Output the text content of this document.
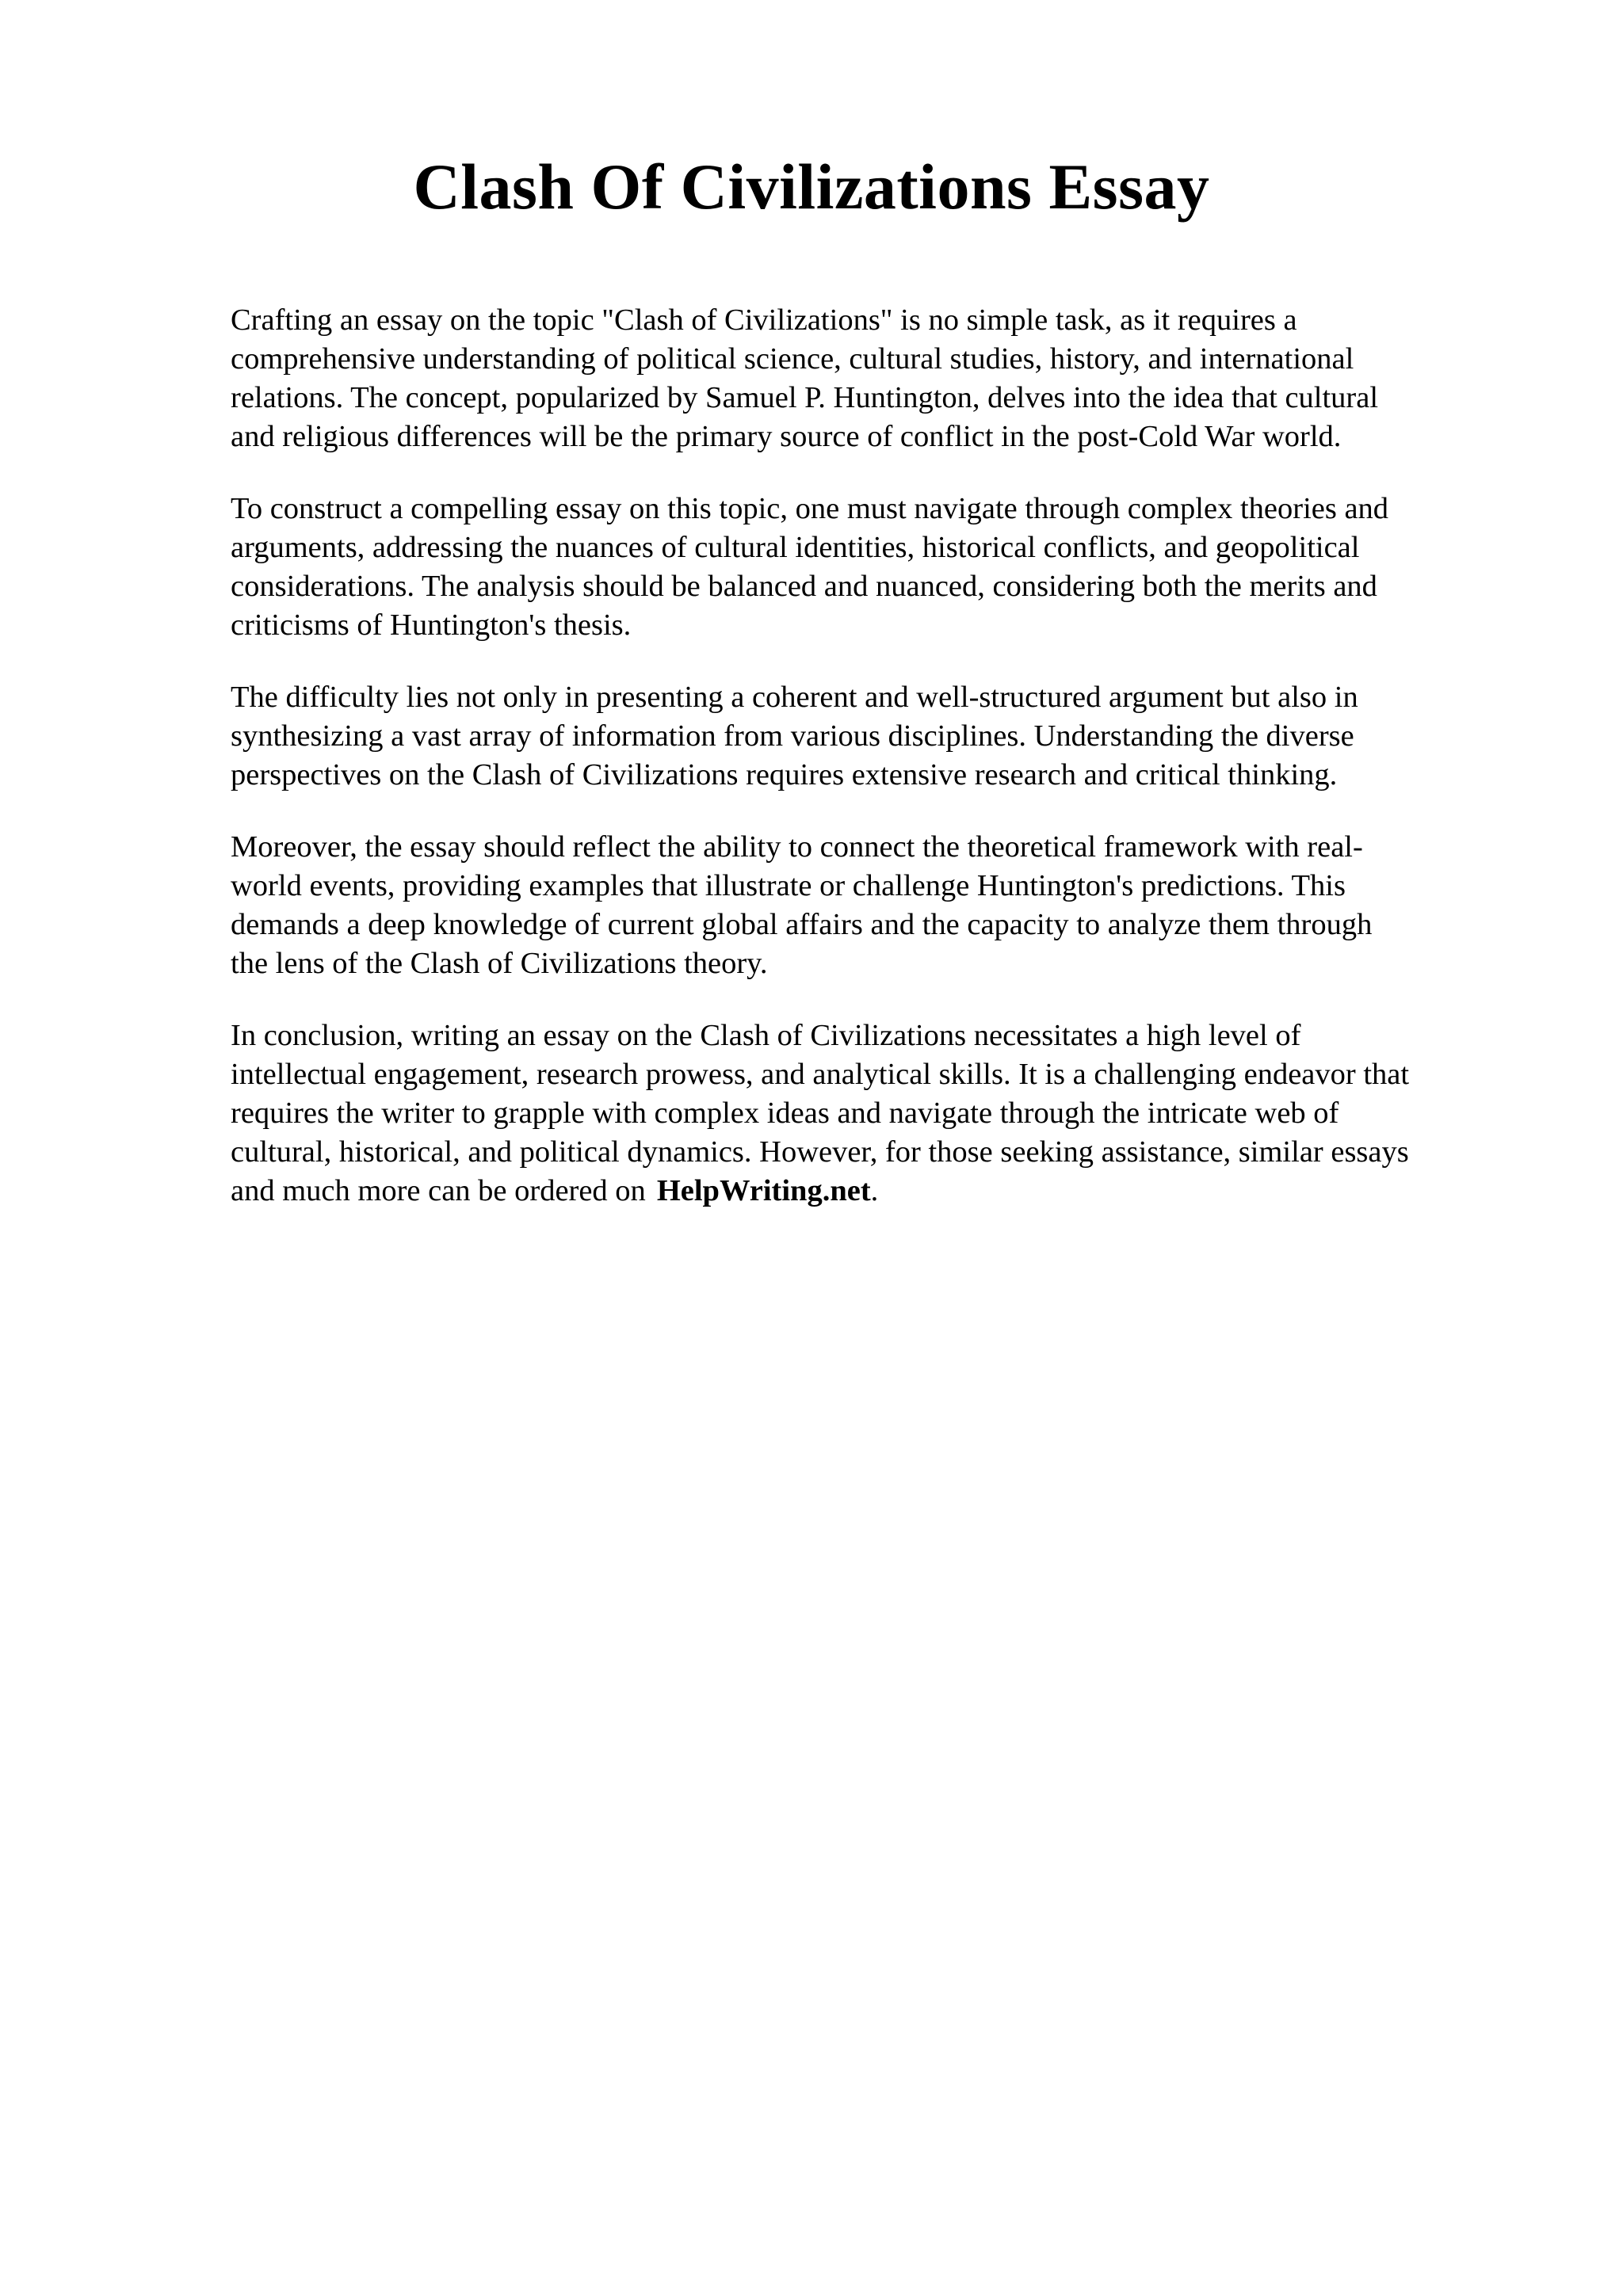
Clash Of Civilizations Essay

Crafting an essay on the topic "Clash of Civilizations" is no simple task, as it requires a
comprehensive understanding of political science, cultural studies, history, and international
relations. The concept, popularized by Samuel P. Huntington, delves into the idea that cultural
and religious differences will be the primary source of conflict in the post-Cold War world.

To construct a compelling essay on this topic, one must navigate through complex theories and
arguments, addressing the nuances of cultural identities, historical conflicts, and geopolitical
considerations. The analysis should be balanced and nuanced, considering both the merits and
criticisms of Huntington's thesis.

The difficulty lies not only in presenting a coherent and well-structured argument but also in
synthesizing a vast array of information from various disciplines. Understanding the diverse
perspectives on the Clash of Civilizations requires extensive research and critical thinking.

Moreover, the essay should reflect the ability to connect the theoretical framework with real-
world events, providing examples that illustrate or challenge Huntington's predictions. This
demands a deep knowledge of current global affairs and the capacity to analyze them through
the lens of the Clash of Civilizations theory.

In conclusion, writing an essay on the Clash of Civilizations necessitates a high level of
intellectual engagement, research prowess, and analytical skills. It is a challenging endeavor that
requires the writer to grapple with complex ideas and navigate through the intricate web of
cultural, historical, and political dynamics. However, for those seeking assistance, similar essays
and much more can be ordered on HelpWriting.net.
